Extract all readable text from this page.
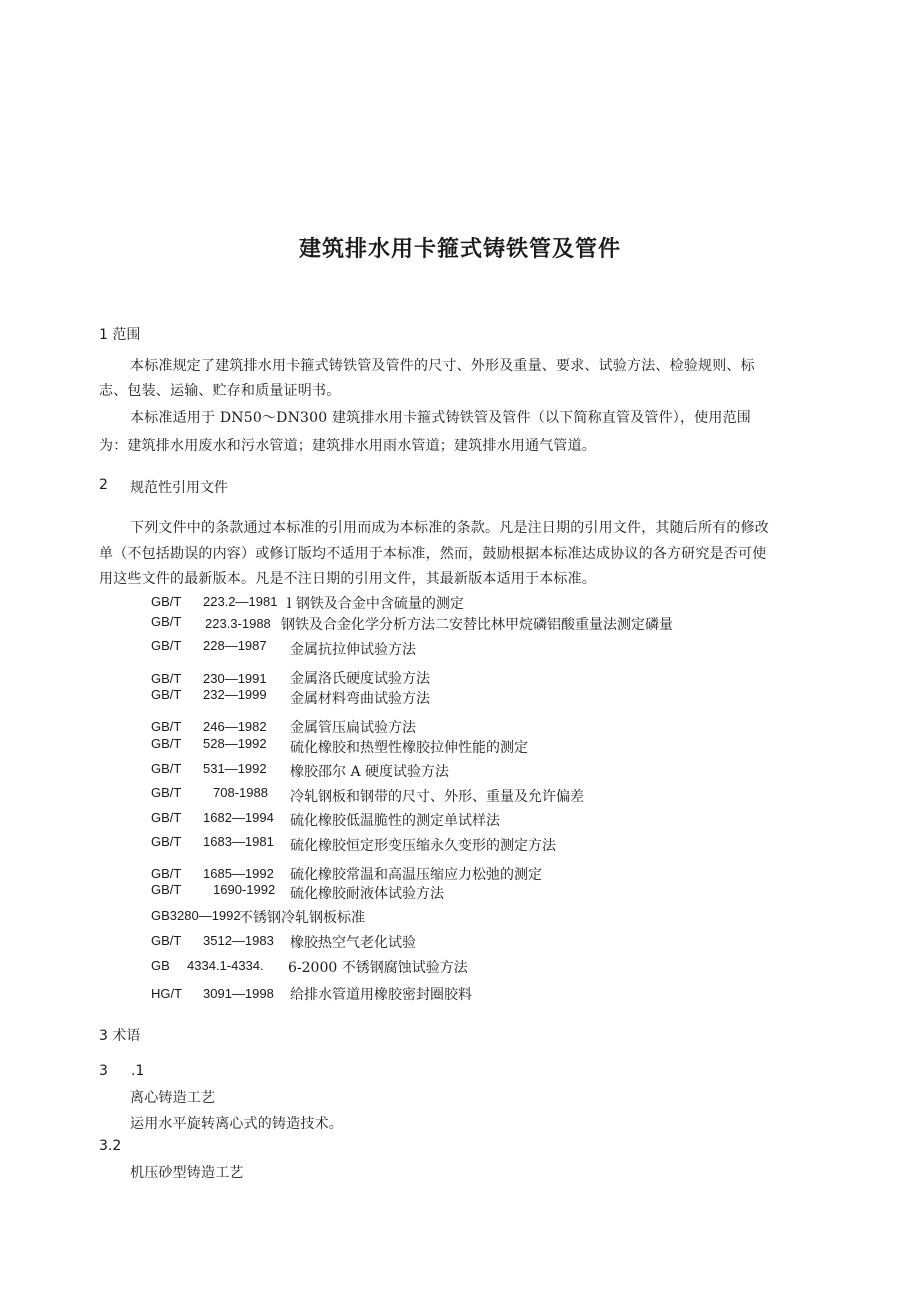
建筑排水用卡箍式铸铁管及管件
1 范围
本标准规定了建筑排水用卡箍式铸铁管及管件的尺寸、外形及重量、要求、试验方法、检验规则、标
志、包装、运输、贮存和质量证明书。
本标准适用于 DN50～DN300 建筑排水用卡箍式铸铁管及管件（以下简称直管及管件），使用范围
为：建筑排水用废水和污水管道；建筑排水用雨水管道；建筑排水用通气管道。
2 规范性引用文件
下列文件中的条款通过本标准的引用而成为本标准的条款。凡是注日期的引用文件，其随后所有的修改
单（不包括勘误的内容）或修订版均不适用于本标准，然而，鼓励根据本标准达成协议的各方研究是否可使
用这些文件的最新版本。凡是不注日期的引用文件，其最新版本适用于本标准。
GB/T 223.2—1981 l 钢铁及合金中含硫量的测定
GB/T 223.3-1988 钢铁及合金化学分析方法二安替比林甲烷磷铝酸重量法测定磷量
GB/T 228—1987 金属抗拉伸试验方法
GB/T 230—1991 金属洛氏硬度试验方法
GB/T 232—1999 金属材料弯曲试验方法
GB/T 246—1982 金属管压扁试验方法
GB/T 528—1992 硫化橡胶和热塑性橡胶拉伸性能的测定
GB/T 531—1992 橡胶邵尔 A 硬度试验方法
GB/T 708-1988 冷轧钢板和钢带的尺寸、外形、重量及允许偏差
GB/T 1682—1994 硫化橡胶低温脆性的测定单试样法
GB/T 1683—1981 硫化橡胶恒定形变压缩永久变形的测定方法
GB/T 1685—1992 硫化橡胶常温和高温压缩应力松弛的测定
GB/T 1690-1992 硫化橡胶耐液体试验方法
GB3280—1992
不锈钢冷轧钢板标准
GB/T 3512—1983 橡胶热空气老化试验
GB 4334.1-4334. 6-2000 不锈钢腐蚀试验方法
HG/T 3091—1998 给排水管道用橡胶密封圈胶料
3 术语
3 .1
离心铸造工艺
运用水平旋转离心式的铸造技术。
3.2
机压砂型铸造工艺
